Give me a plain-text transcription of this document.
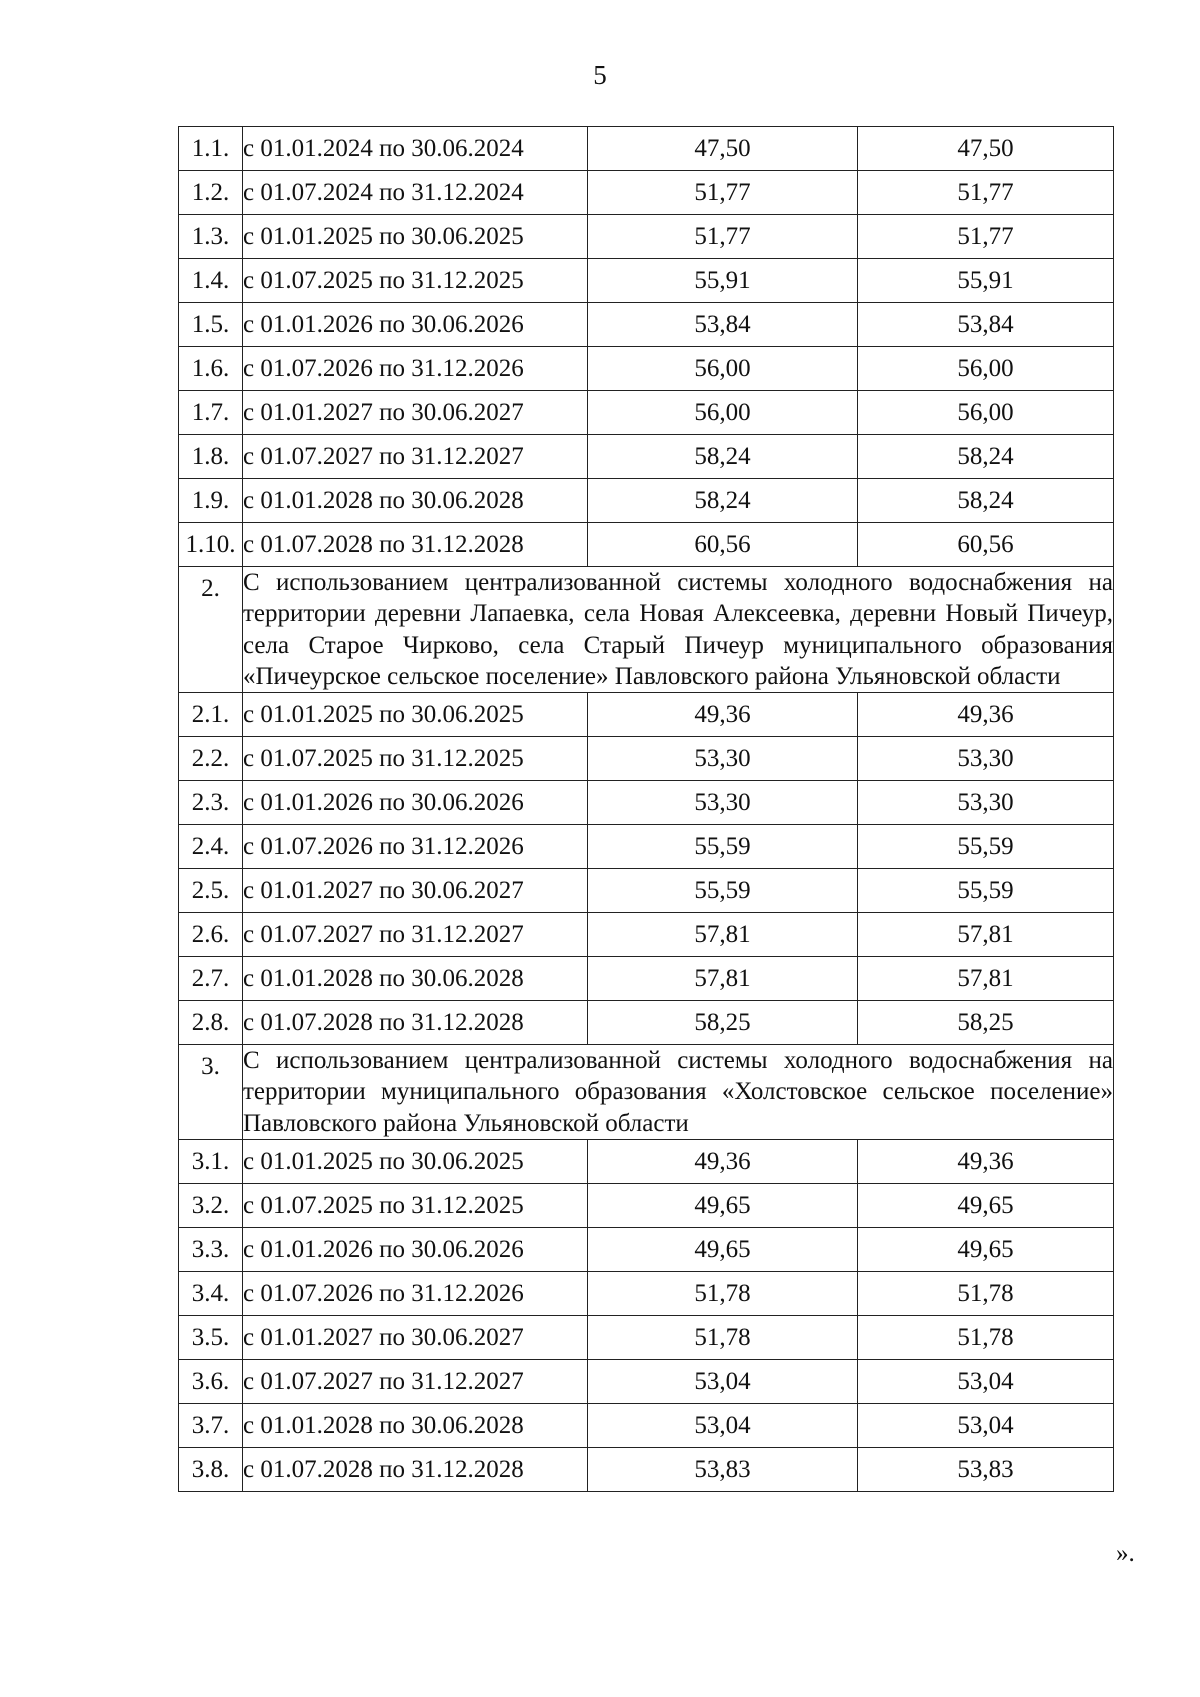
5
1.1.	с 01.01.2024 по 30.06.2024	47,50	47,50
1.2.	с 01.07.2024 по 31.12.2024	51,77	51,77
1.3.	с 01.01.2025 по 30.06.2025	51,77	51,77
1.4.	с 01.07.2025 по 31.12.2025	55,91	55,91
1.5.	с 01.01.2026 по 30.06.2026	53,84	53,84
1.6.	с 01.07.2026 по 31.12.2026	56,00	56,00
1.7.	с 01.01.2027 по 30.06.2027	56,00	56,00
1.8.	с 01.07.2027 по 31.12.2027	58,24	58,24
1.9.	с 01.01.2028 по 30.06.2028	58,24	58,24
1.10.	с 01.07.2028 по 31.12.2028	60,56	60,56
2.	С использованием централизованной системы холодного водоснабжения на территории деревни Лапаевка, села Новая Алексеевка, деревни Новый Пичеур, села Старое Чирково, села Старый Пичеур муниципального образования «Пичеурское сельское поселение» Павловского района Ульяновской области		
2.1.	с 01.01.2025 по 30.06.2025	49,36	49,36
2.2.	с 01.07.2025 по 31.12.2025	53,30	53,30
2.3.	с 01.01.2026 по 30.06.2026	53,30	53,30
2.4.	с 01.07.2026 по 31.12.2026	55,59	55,59
2.5.	с 01.01.2027 по 30.06.2027	55,59	55,59
2.6.	с 01.07.2027 по 31.12.2027	57,81	57,81
2.7.	с 01.01.2028 по 30.06.2028	57,81	57,81
2.8.	с 01.07.2028 по 31.12.2028	58,25	58,25
3.	С использованием централизованной системы холодного водоснабжения на территории муниципального образования «Холстовское сельское поселение» Павловского района Ульяновской области		
3.1.	с 01.01.2025 по 30.06.2025	49,36	49,36
3.2.	с 01.07.2025 по 31.12.2025	49,65	49,65
3.3.	с 01.01.2026 по 30.06.2026	49,65	49,65
3.4.	с 01.07.2026 по 31.12.2026	51,78	51,78
3.5.	с 01.01.2027 по 30.06.2027	51,78	51,78
3.6.	с 01.07.2027 по 31.12.2027	53,04	53,04
3.7.	с 01.01.2028 по 30.06.2028	53,04	53,04
3.8.	с 01.07.2028 по 31.12.2028	53,83	53,83
».
